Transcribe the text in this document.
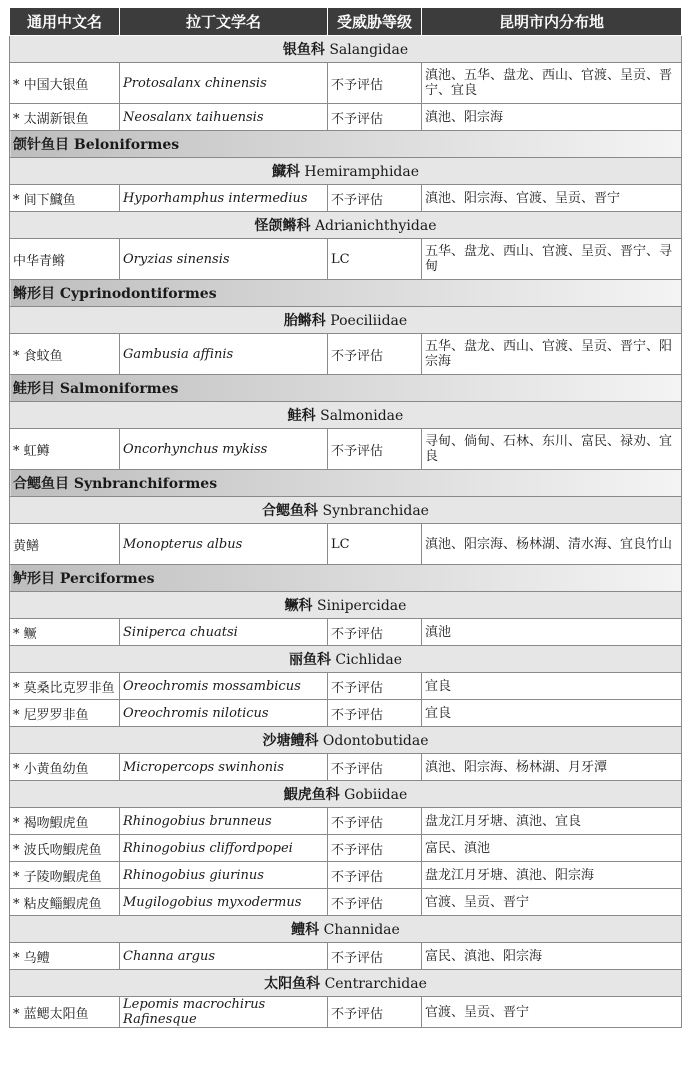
通用中文名	拉丁文学名	受威胁等级	昆明市内分布地
银鱼科 Salangidae			
* 中国大银鱼	Protosalanx chinensis	不予评估	滇池、五华、盘龙、西山、官渡、呈贡、晋宁、宜良
* 太湖新银鱼	Neosalanx taihuensis	不予评估	滇池、阳宗海
颌针鱼目 Beloniformes			
鱵科 Hemiramphidae			
* 间下鱵鱼	Hyporhamphus intermedius	不予评估	滇池、阳宗海、官渡、呈贡、晋宁
怪颌鳉科 Adrianichthyidae			
中华青鳉	Oryzias sinensis	LC	五华、盘龙、西山、官渡、呈贡、晋宁、寻甸
鳉形目 Cyprinodontiformes			
胎鳉科 Poeciliidae			
* 食蚊鱼	Gambusia affinis	不予评估	五华、盘龙、西山、官渡、呈贡、晋宁、阳宗海
鲑形目 Salmoniformes			
鲑科 Salmonidae			
* 虹鳟	Oncorhynchus mykiss	不予评估	寻甸、倘甸、石林、东川、富民、禄劝、宜良
合鳃鱼目 Synbranchiformes			
合鳃鱼科 Synbranchidae			
黄鳝	Monopterus albus	LC	滇池、阳宗海、杨林湖、清水海、宜良竹山
鲈形目 Perciformes			
鳜科 Sinipercidae			
* 鳜	Siniperca chuatsi	不予评估	滇池
丽鱼科 Cichlidae			
* 莫桑比克罗非鱼	Oreochromis mossambicus	不予评估	宜良
* 尼罗罗非鱼	Oreochromis niloticus	不予评估	宜良
沙塘鳢科 Odontobutidae			
* 小黄鱼幼鱼	Micropercops swinhonis	不予评估	滇池、阳宗海、杨林湖、月牙潭
鰕虎鱼科 Gobiidae			
* 褐吻鰕虎鱼	Rhinogobius brunneus	不予评估	盘龙江月牙塘、滇池、宜良
* 波氏吻鰕虎鱼	Rhinogobius cliffordpopei	不予评估	富民、滇池
* 子陵吻鰕虎鱼	Rhinogobius giurinus	不予评估	盘龙江月牙塘、滇池、阳宗海
* 粘皮鲻鰕虎鱼	Mugilogobius myxodermus	不予评估	官渡、呈贡、晋宁
鳢科 Channidae			
* 乌鳢	Channa argus	不予评估	富民、滇池、阳宗海
太阳鱼科 Centrarchidae			
* 蓝鳃太阳鱼	Lepomis macrochirus Rafinesque	不予评估	官渡、呈贡、晋宁
